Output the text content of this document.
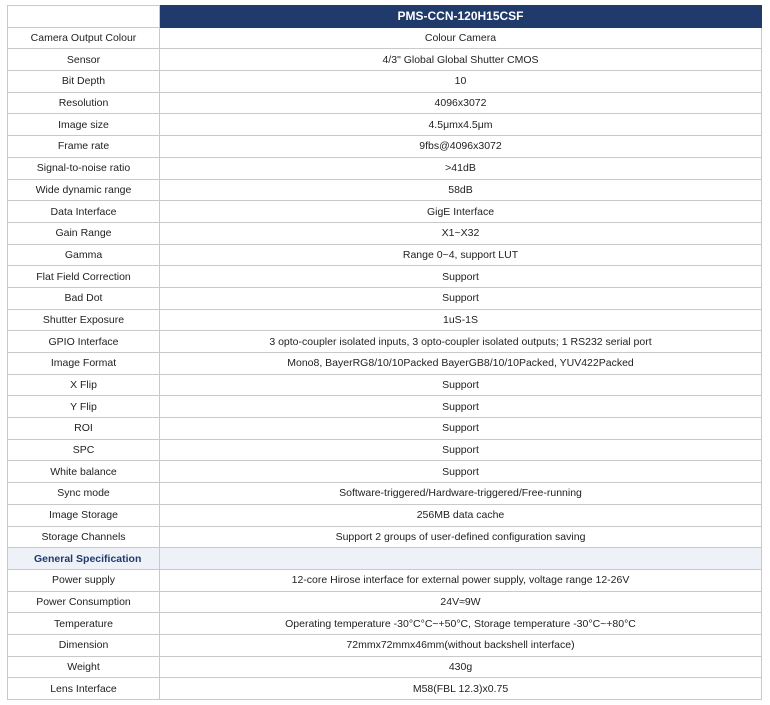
	PMS-CCN-120H15CSF
Camera Output Colour	Colour Camera
Sensor	4/3" Global Global Shutter CMOS
Bit Depth	10
Resolution	4096x3072
Image size	4.5μmx4.5μm
Frame rate	9fbs@4096x3072
Signal-to-noise ratio	>41dB
Wide dynamic range	58dB
Data Interface	GigE Interface
Gain Range	X1~X32
Gamma	Range 0~4, support LUT
Flat Field Correction	Support
Bad Dot	Support
Shutter Exposure	1uS-1S
GPIO Interface	3 opto-coupler isolated inputs, 3 opto-coupler isolated outputs; 1 RS232 serial port
Image Format	Mono8, BayerRG8/10/10Packed BayerGB8/10/10Packed, YUV422Packed
X Flip	Support
Y Flip	Support
ROI	Support
SPC	Support
White balance	Support
Sync mode	Software-triggered/Hardware-triggered/Free-running
Image Storage	256MB data cache
Storage Channels	Support 2 groups of user-defined configuration saving
General Specification	
Power supply	12-core Hirose interface for external power supply, voltage range 12-26V
Power Consumption	24V≈9W
Temperature	Operating temperature -30°C°C~+50°C, Storage temperature -30°C~+80°C
Dimension	72mmx72mmx46mm(without backshell interface)
Weight	430g
Lens Interface	M58(FBL 12.3)x0.75
